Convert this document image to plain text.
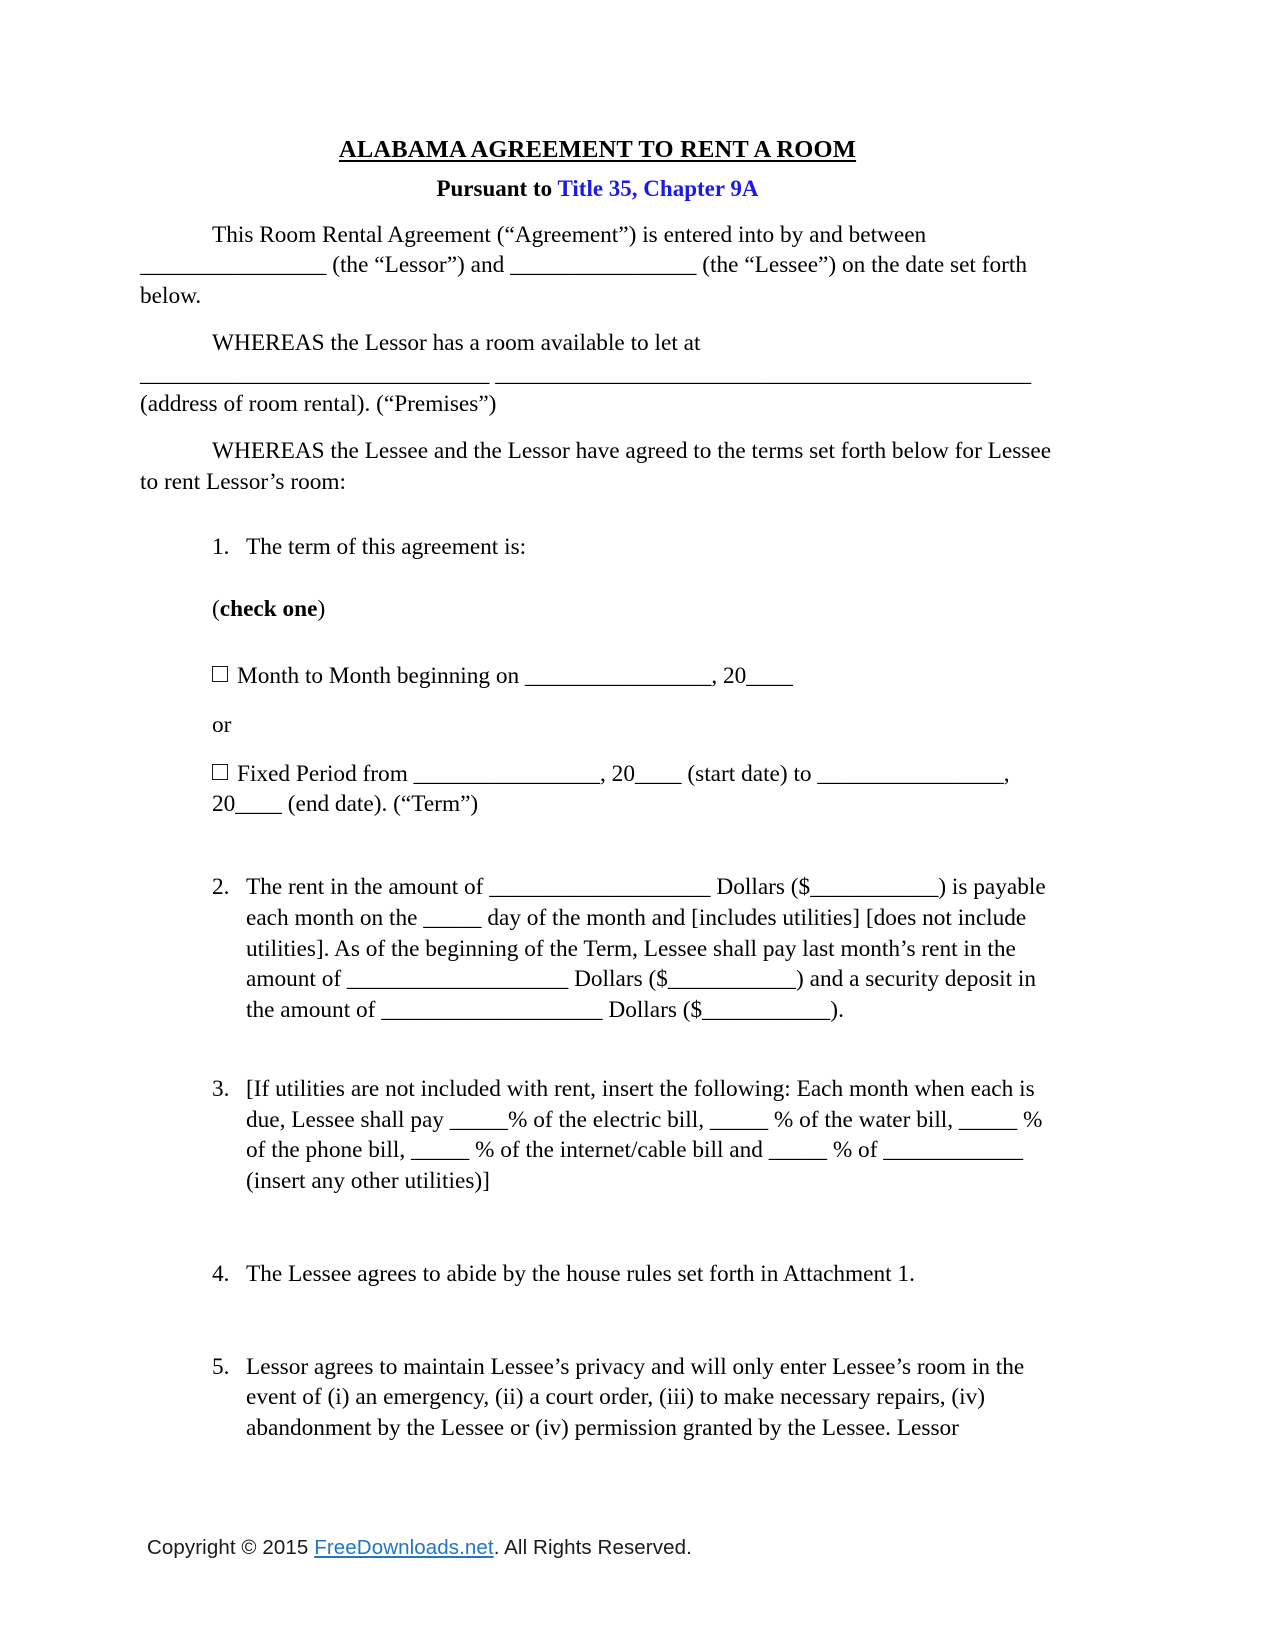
ALABAMA AGREEMENT TO RENT A ROOM
Pursuant to Title 35, Chapter 9A

This Room Rental Agreement (“Agreement”) is entered into by and between ________________ (the “Lessor”) and ________________ (the “Lessee”) on the date set forth below.

WHEREAS the Lessor has a room available to let at ______________________________ ______________________________________________ (address of room rental). (“Premises”)

WHEREAS the Lessee and the Lessor have agreed to the terms set forth below for Lessee to rent Lessor’s room:

1. The term of this agreement is:
(check one)
Month to Month beginning on ________________, 20____
or
Fixed Period from ________________, 20____ (start date) to ________________, 20____ (end date). (“Term”)
2. The rent in the amount of ___________________ Dollars ($___________) is payable each month on the _____ day of the month and [includes utilities] [does not include utilities]. As of the beginning of the Term, Lessee shall pay last month’s rent in the amount of ___________________ Dollars ($___________) and a security deposit in the amount of ___________________ Dollars ($___________).
3. [If utilities are not included with rent, insert the following: Each month when each is due, Lessee shall pay _____% of the electric bill, _____ % of the water bill, _____ % of the phone bill, _____ % of the internet/cable bill and _____ % of ____________ (insert any other utilities)]
4. The Lessee agrees to abide by the house rules set forth in Attachment 1.
5. Lessor agrees to maintain Lessee’s privacy and will only enter Lessee’s room in the event of (i) an emergency, (ii) a court order, (iii) to make necessary repairs, (iv) abandonment by the Lessee or (iv) permission granted by the Lessee. Lessor
Copyright © 2015 FreeDownloads.net. All Rights Reserved.
